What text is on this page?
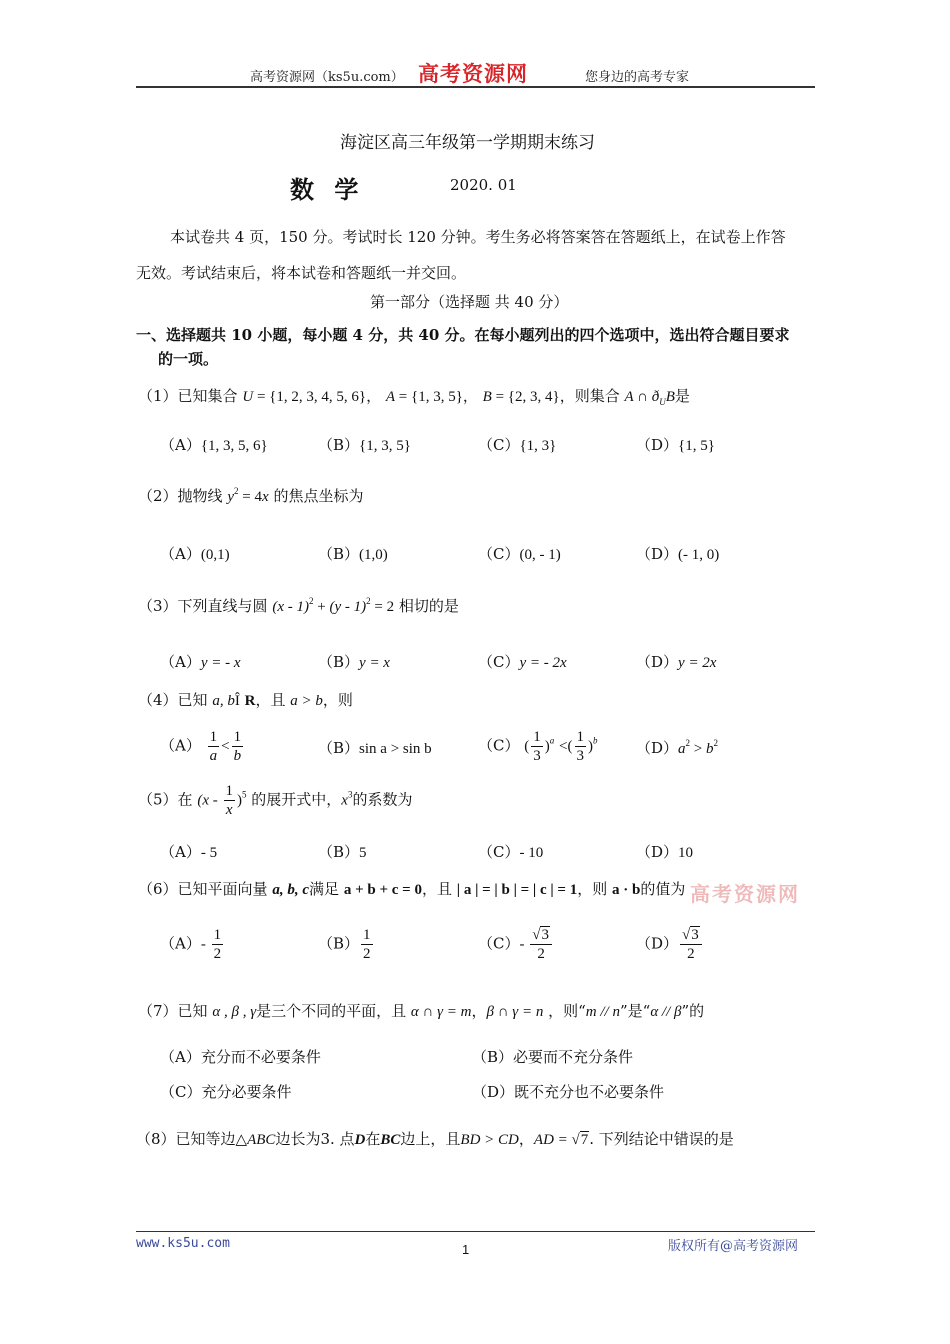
高考资源网（ks5u.com） 高考资源网	您身边的高考专家
海淀区高三年级第一学期期末练习
数 学	2020. 01
本试卷共 4 页，150 分。考试时长 120 分钟。考生务必将答案答在答题纸上，在试卷上作答
无效。考试结束后，将本试卷和答题纸一并交回。
第一部分（选择题 共 40 分）
一、选择题共 10 小题，每小题 4 分，共 40 分。在每小题列出的四个选项中，选出符合题目要求
的一项。
（1）已知集合 U = {1, 2, 3, 4, 5, 6}， A = {1, 3, 5}， B = {2, 3, 4}，则集合 A ∩ $ð_UB$是
（A）{1, 3, 5, 6}	（B）{1, 3, 5}	（C）{1, 3}	（D）{1, 5}
（2）抛物线 $y^2 = 4x$ 的焦点坐标为
（A）(0,1)	（B）(1,0)	（C）(0, - 1)	（D）(- 1, 0)
（3）下列直线与圆 (x - 1)$^2$ + (y - 1)$^2$ = 2 相切的是
（A）y = - x	（B）y = x	（C）y = - 2x	（D）y = 2x
（4）已知 a, bÎ R，且 a > b，则
$(A) \frac{1}{a} < \frac{1}{b}$	（B）sin a > sin b	（C） ( $\frac{1}{3} )^a$ <( $\frac{1}{3} )^b$	$(D)a^2 > b^2$
（5）在 $(x - \frac{1}{x} )^5$ 的展开式中，$x^3$的系数为
（A）- 5	（B）5	（C）- 10	（D）10
（6）已知平面向量 a, b, c满足 a + b + c = 0，且 | a | = | b | = | c | = 1，则 a · b的值为 高考资源网
$(A)- \frac{1}{2}$	$(B) \frac{1}{2}$	$(C)- \frac{√3}{2}$	$(D) \frac{√3}{2}$
（7）已知 α , β , γ是三个不同的平面，且 α ∩ γ = m，β ∩ γ = n ，则“m // n”是“α // β”的
（A）充分而不必要条件	（B）必要而不充分条件
（C）充分必要条件	（D）既不充分也不必要条件
（8）已知等边△ABC边长为3. 点D在BC边上，且BD > CD，AD = √7. 下列结论中错误的是
www.ks5u.com	1	版权所有@高考资源网
